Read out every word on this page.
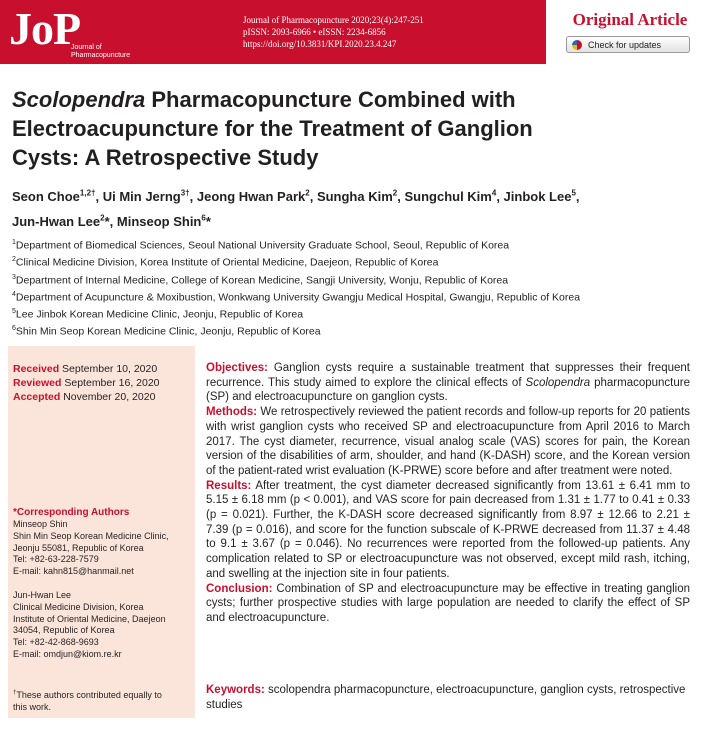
JoP
Journal of
Pharmacopuncture
Journal of Pharmacopuncture 2020;23(4):247-251
pISSN: 2093-6966 • eISSN: 2234-6856
https://doi.org/10.3831/KPI.2020.23.4.247
Original Article
Check for updates
Scolopendra Pharmacopuncture Combined with
Electroacupuncture for the Treatment of Ganglion
Cysts: A Retrospective Study
Seon Choe$^{1,2\dagger}$, Ui Min Jerng$^{3\dagger}$, Jeong Hwan Park$^2$, Sungha Kim$^2$, Sungchul Kim$^4$, Jinbok Lee$^5$,
Jun-Hwan Lee$^2$*, Minseop Shin$^6$*
$^1$Department of Biomedical Sciences, Seoul National University Graduate School, Seoul, Republic of Korea
$^2$Clinical Medicine Division, Korea Institute of Oriental Medicine, Daejeon, Republic of Korea
$^3$Department of Internal Medicine, College of Korean Medicine, Sangji University, Wonju, Republic of Korea
$^4$Department of Acupuncture & Moxibustion, Wonkwang University Gwangju Medical Hospital, Gwangju, Republic of Korea
$^5$Lee Jinbok Korean Medicine Clinic, Jeonju, Republic of Korea
$^6$Shin Min Seop Korean Medicine Clinic, Jeonju, Republic of Korea
Received September 10, 2020
Reviewed September 16, 2020
Accepted November 20, 2020
*Corresponding Authors
Minseop Shin
Shin Min Seop Korean Medicine Clinic,
Jeonju 55081, Republic of Korea
Tel: +82-63-228-7579
E-mail: kahn815@hanmail.net
Jun-Hwan Lee
Clinical Medicine Division, Korea
Institute of Oriental Medicine, Daejeon
34054, Republic of Korea
Tel: +82-42-868-9693
E-mail: omdjun@kiom.re.kr
†These authors contributed equally to
this work.

Objectives: Ganglion cysts require a sustainable treatment that suppresses their frequent recurrence. This study aimed to explore the clinical effects of Scolopendra pharmacopuncture (SP) and electroacupuncture on ganglion cysts.

Methods: We retrospectively reviewed the patient records and follow-up reports for 20 patients with wrist ganglion cysts who received SP and electroacupuncture from April 2016 to March 2017. The cyst diameter, recurrence, visual analog scale (VAS) scores for pain, the Korean version of the disabilities of arm, shoulder, and hand (K-DASH) score, and the Korean version of the patient-rated wrist evaluation (K-PRWE) score before and after treatment were noted.

Results: After treatment, the cyst diameter decreased significantly from 13.61 ± 6.41 mm to 5.15 ± 6.18 mm (p < 0.001), and VAS score for pain decreased from 1.31 ± 1.77 to 0.41 ± 0.33 (p = 0.021). Further, the K-DASH score decreased significantly from 8.97 ± 12.66 to 2.21 ± 7.39 (p = 0.016), and score for the function subscale of K-PRWE decreased from 11.37 ± 4.48 to 9.1 ± 3.67 (p = 0.046). No recurrences were reported from the followed-up patients. Any complication related to SP or electroacupuncture was not observed, except mild rash, itching, and swelling at the injection site in four patients.

Conclusion: Combination of SP and electroacupuncture may be effective in treating ganglion cysts; further prospective studies with large population are needed to clarify the effect of SP and electroacupuncture.

Keywords: scolopendra pharmacopuncture, electroacupuncture, ganglion cysts, retrospective studies
